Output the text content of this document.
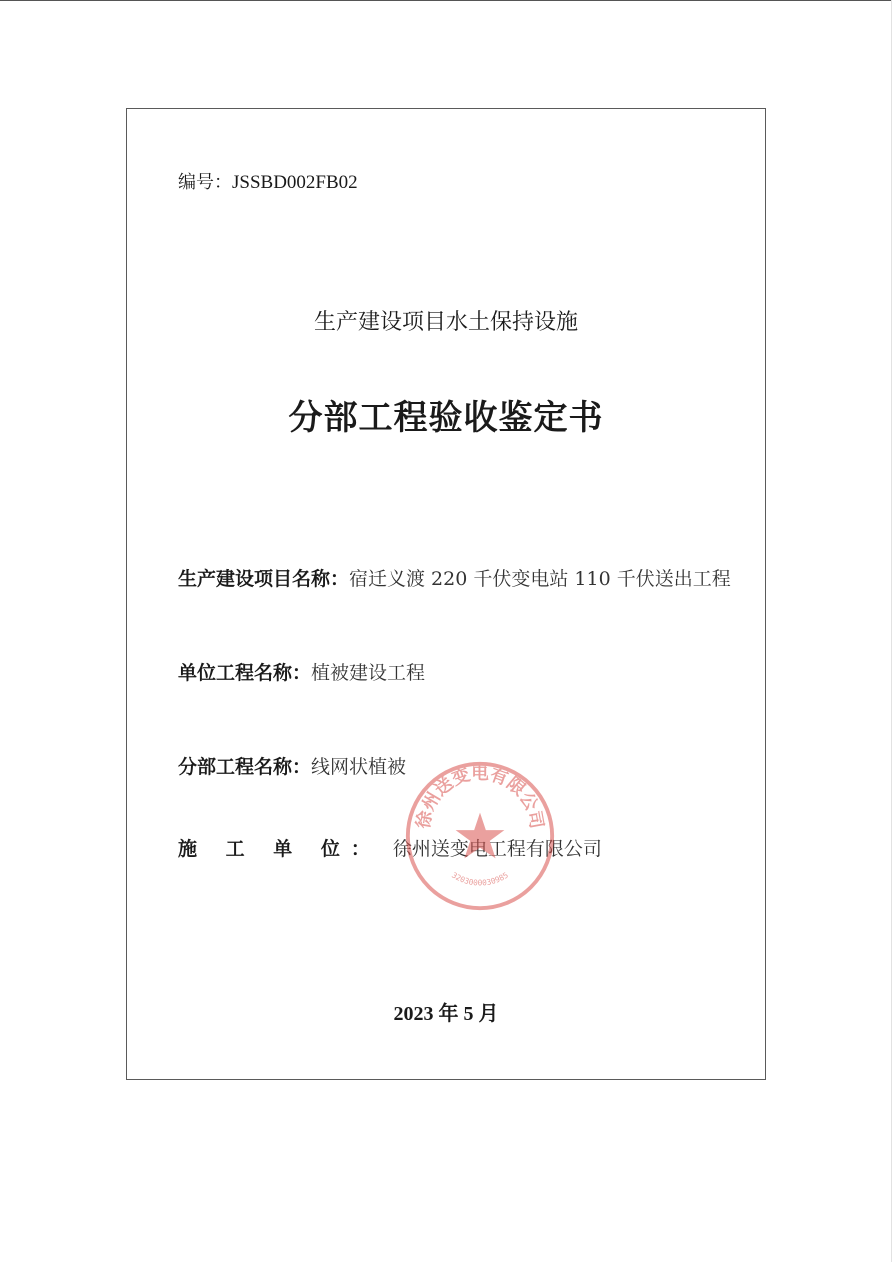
编号：JSSBD002FB02
生产建设项目水土保持设施
分部工程验收鉴定书
生产建设项目名称：宿迁义渡 220 千伏变电站 110 千伏送出工程
单位工程名称：植被建设工程
分部工程名称：线网状植被
施 工 单 位： 徐州送变电工程有限公司
徐州送变电有限公司
3203000030985
2023 年 5 月
